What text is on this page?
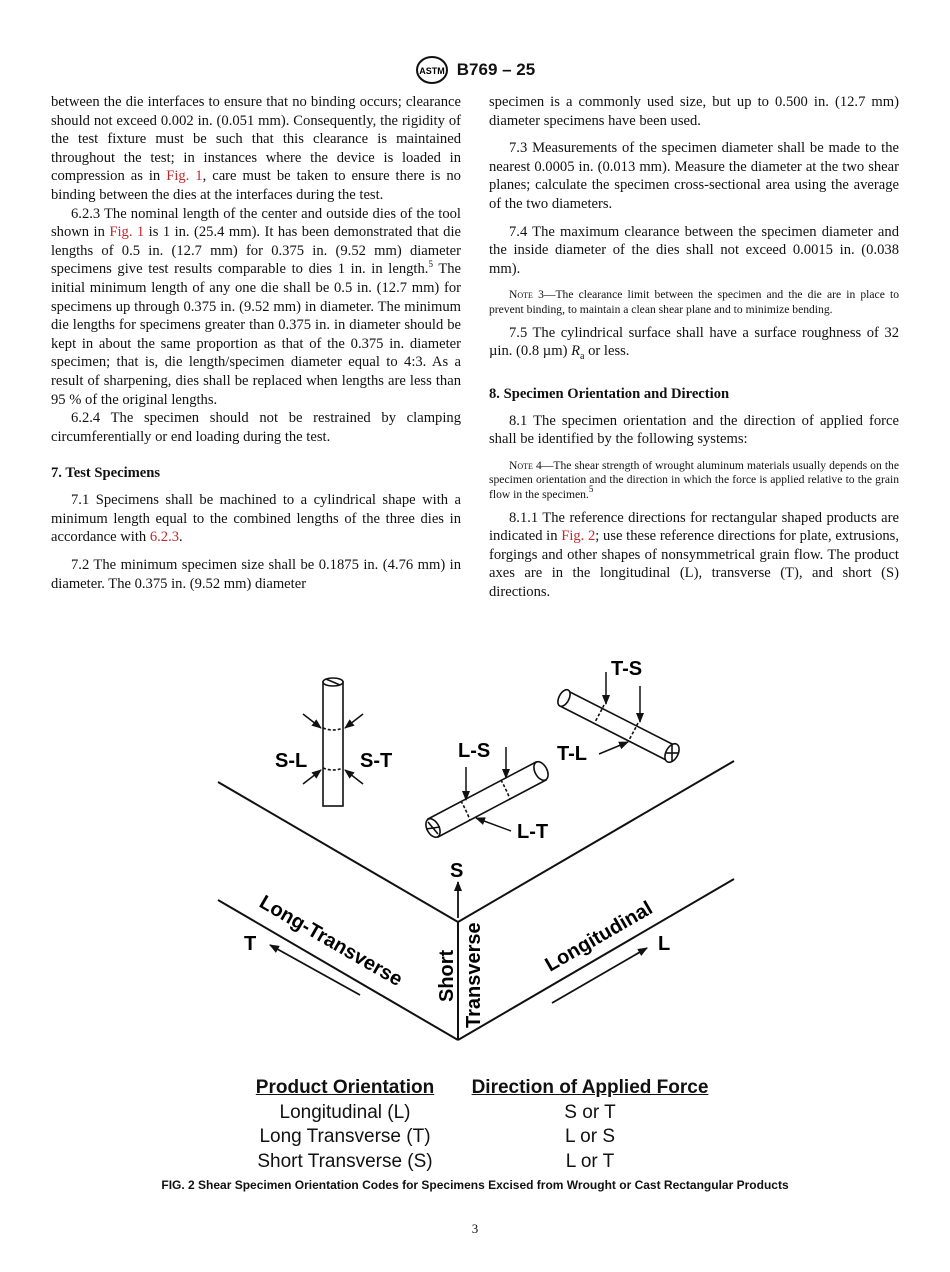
ASTM B769 – 25

between the die interfaces to ensure that no binding occurs; clearance should not exceed 0.002 in. (0.051 mm). Consequently, the rigidity of the test fixture must be such that this clearance is maintained throughout the test; in instances where the device is loaded in compression as in Fig. 1, care must be taken to ensure there is no binding between the dies at the interfaces during the test.

6.2.3 The nominal length of the center and outside dies of the tool shown in Fig. 1 is 1 in. (25.4 mm). It has been demonstrated that die lengths of 0.5 in. (12.7 mm) for 0.375 in. (9.52 mm) diameter specimens give test results comparable to dies 1 in. in length.$^5$ The initial minimum length of any one die shall be 0.5 in. (12.7 mm) for specimens up through 0.375 in. (9.52 mm) in diameter. The minimum die lengths for specimens greater than 0.375 in. in diameter should be kept in about the same proportion as that of the 0.375 in. diameter specimen; that is, die length/specimen diameter equal to 4:3. As a result of sharpening, dies shall be replaced when lengths are less than 95 % of the original lengths.

6.2.4 The specimen should not be restrained by clamping circumferentially or end loading during the test.

7. Test Specimens

7.1 Specimens shall be machined to a cylindrical shape with a minimum length equal to the combined lengths of the three dies in accordance with 6.2.3.

7.2 The minimum specimen size shall be 0.1875 in. (4.76 mm) in diameter. The 0.375 in. (9.52 mm) diameter

specimen is a commonly used size, but up to 0.500 in. (12.7 mm) diameter specimens have been used.

7.3 Measurements of the specimen diameter shall be made to the nearest 0.0005 in. (0.013 mm). Measure the diameter at the two shear planes; calculate the specimen cross-sectional area using the average of the two diameters.

7.4 The maximum clearance between the specimen diameter and the inside diameter of the dies shall not exceed 0.0015 in. (0.038 mm).

Note 3—The clearance limit between the specimen and the die are in place to prevent binding, to maintain a clean shear plane and to minimize bending.

7.5 The cylindrical surface shall have a surface roughness of 32 µin. (0.8 µm) $R_a$ or less.

8. Specimen Orientation and Direction

8.1 The specimen orientation and the direction of applied force shall be identified by the following systems:

Note 4—The shear strength of wrought aluminum materials usually depends on the specimen orientation and the direction in which the force is applied relative to the grain flow in the specimen.$^5$

8.1.1 The reference directions for rectangular shaped products are indicated in Fig. 2; use these reference directions for plate, extrusions, forgings and other shapes of nonsymmetrical grain flow. The product axes are in the longitudinal (L), transverse (T), and short (S) directions.

S-L	S-T	L-S
L-T
T-S
T-L
S
T	L
Long-Transverse	Longitudinal
Short Transverse
Product Orientation	Direction of Applied Force
Longitudinal (L)	S or T
Long Transverse (T)	L or S
Short Transverse (S)	L or T
FIG. 2 Shear Specimen Orientation Codes for Specimens Excised from Wrought or Cast Rectangular Products
3
